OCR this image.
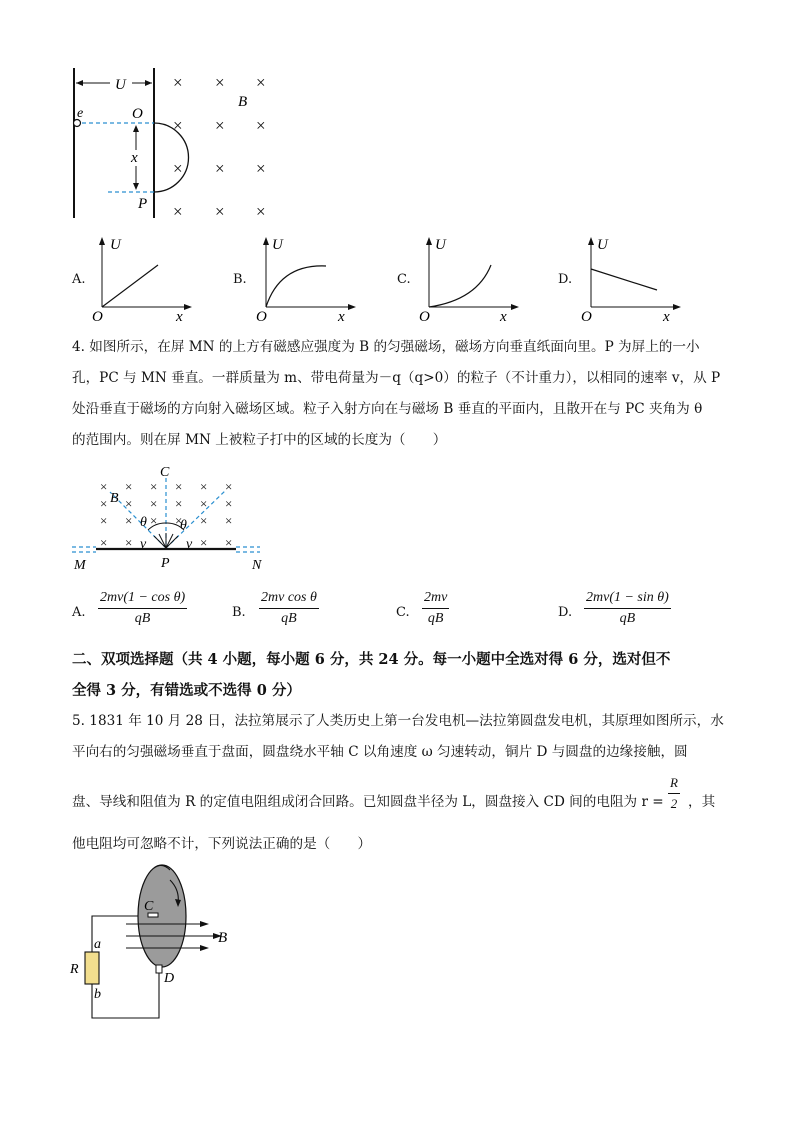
U
e	O
P
x
× × ×
× × ×
× × ×
× × ×
B
A.
U
O	x
B.
U
O	x
C.
U
O	x
D.
U
O	x
4. 如图所示，在屏 MN 的上方有磁感应强度为 B 的匀强磁场，磁场方向垂直纸面向里。P 为屏上的一小
孔，PC 与 MN 垂直。一群质量为 m、带电荷量为－q（q>0）的粒子（不计重力），以相同的速率 v，从 P
处沿垂直于磁场的方向射入磁场区域。粒子入射方向在与磁场 B 垂直的平面内，且散开在与 PC 夹角为 θ
的范围内。则在屏 MN 上被粒子打中的区域的长度为（　　）
× × × × × ×
× × × × × ×
× × × × × ×
× ×	× ×
C
B
θ θ
v	v
P
M	N
A. $\frac{\text{2mv(1 − cos θ)}}{qB}$	B. $\frac{\text{2mv cos θ}}{qB}$	C. $\frac{2mv}{qB}$	D. $\frac{\text{2mv(1 − sin θ)}}{qB}$
二、双项选择题（共 4 小题，每小题 6 分，共 24 分。每一小题中全选对得 6 分，选对但不
全得 3 分，有错选或不选得 0 分）
5. 1831 年 10 月 28 日，法拉第展示了人类历史上第一台发电机—法拉第圆盘发电机，其原理如图所示，水
平向右的匀强磁场垂直于盘面，圆盘绕水平轴 C 以角速度 ω 匀速转动，铜片 D 与圆盘的边缘接触，圆
盘、导线和阻值为 R 的定值电阻组成闭合回路。已知圆盘半径为 L，圆盘接入 CD 间的电阻为 $r = \frac{R}{2}$ ，其
他电阻均可忽略不计，下列说法正确的是（　　）
C
B
D
a
R
b
